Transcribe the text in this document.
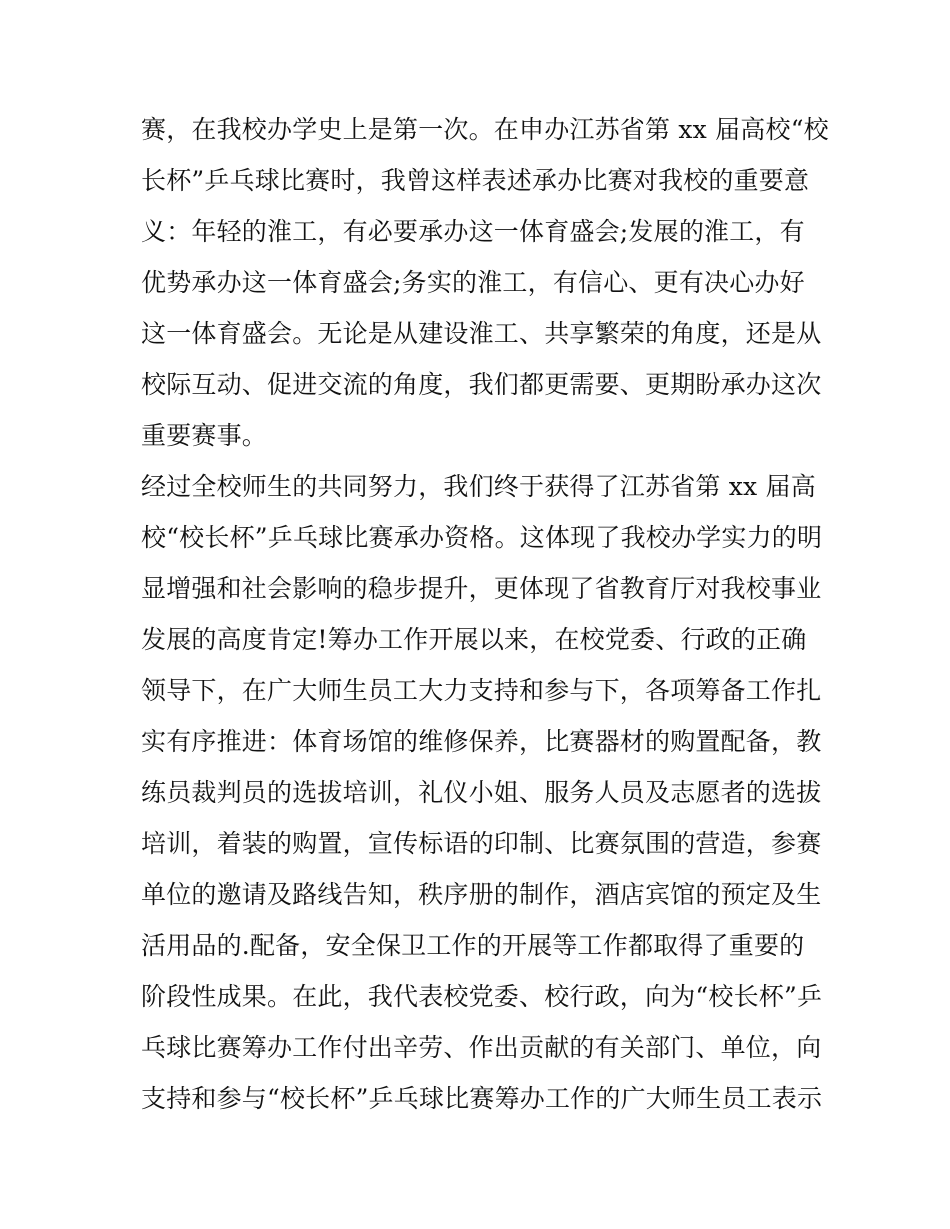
赛，在我校办学史上是第一次。在申办江苏省第 xx 届高校“校
长杯”乒乓球比赛时，我曾这样表述承办比赛对我校的重要意
义：年轻的淮工，有必要承办这一体育盛会;发展的淮工，有
优势承办这一体育盛会;务实的淮工，有信心、更有决心办好
这一体育盛会。无论是从建设淮工、共享繁荣的角度，还是从
校际互动、促进交流的角度，我们都更需要、更期盼承办这次
重要赛事。
经过全校师生的共同努力，我们终于获得了江苏省第 xx 届高
校“校长杯”乒乓球比赛承办资格。这体现了我校办学实力的明
显增强和社会影响的稳步提升，更体现了省教育厅对我校事业
发展的高度肯定!筹办工作开展以来，在校党委、行政的正确
领导下，在广大师生员工大力支持和参与下，各项筹备工作扎
实有序推进：体育场馆的维修保养，比赛器材的购置配备，教
练员裁判员的选拔培训，礼仪小姐、服务人员及志愿者的选拔
培训，着装的购置，宣传标语的印制、比赛氛围的营造，参赛
单位的邀请及路线告知，秩序册的制作，酒店宾馆的预定及生
活用品的.配备，安全保卫工作的开展等工作都取得了重要的
阶段性成果。在此，我代表校党委、校行政，向为“校长杯”乒
乓球比赛筹办工作付出辛劳、作出贡献的有关部门、单位，向
支持和参与“校长杯”乒乓球比赛筹办工作的广大师生员工表示
